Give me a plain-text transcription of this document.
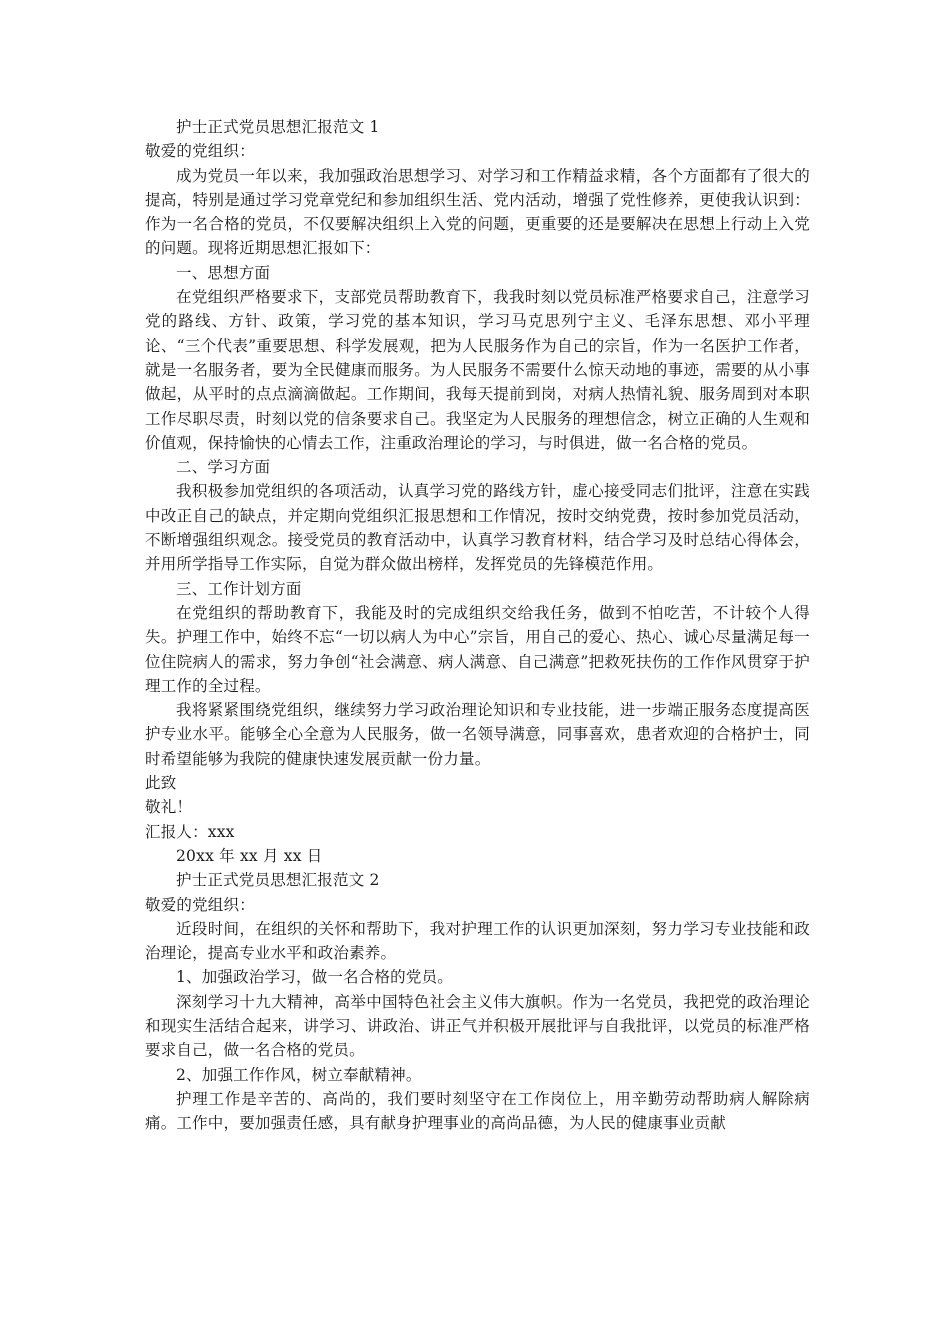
护士正式党员思想汇报范文 1

敬爱的党组织：

成为党员一年以来，我加强政治思想学习、对学习和工作精益求精，各个方面都有了很大的提高，特别是通过学习党章党纪和参加组织生活、党内活动，增强了党性修养，更使我认识到：作为一名合格的党员，不仅要解决组织上入党的问题，更重要的还是要解决在思想上行动上入党的问题。现将近期思想汇报如下：

一、思想方面

在党组织严格要求下，支部党员帮助教育下，我我时刻以党员标准严格要求自己，注意学习党的路线、方针、政策，学习党的基本知识，学习马克思列宁主义、毛泽东思想、邓小平理论、“三个代表”重要思想、科学发展观，把为人民服务作为自己的宗旨，作为一名医护工作者，就是一名服务者，要为全民健康而服务。为人民服务不需要什么惊天动地的事迹，需要的从小事做起，从平时的点点滴滴做起。工作期间，我每天提前到岗，对病人热情礼貌、服务周到对本职工作尽职尽责，时刻以党的信条要求自己。我坚定为人民服务的理想信念，树立正确的人生观和价值观，保持愉快的心情去工作，注重政治理论的学习，与时俱进，做一名合格的党员。

二、学习方面

我积极参加党组织的各项活动，认真学习党的路线方针，虚心接受同志们批评，注意在实践中改正自己的缺点，并定期向党组织汇报思想和工作情况，按时交纳党费，按时参加党员活动，不断增强组织观念。接受党员的教育活动中，认真学习教育材料，结合学习及时总结心得体会，并用所学指导工作实际，自觉为群众做出榜样，发挥党员的先锋模范作用。

三、工作计划方面

在党组织的帮助教育下，我能及时的完成组织交给我任务，做到不怕吃苦，不计较个人得失。护理工作中，始终不忘“一切以病人为中心”宗旨，用自己的爱心、热心、诚心尽量满足每一位住院病人的需求，努力争创“社会满意、病人满意、自己满意”把救死扶伤的工作作风贯穿于护理工作的全过程。

我将紧紧围绕党组织，继续努力学习政治理论知识和专业技能，进一步端正服务态度提高医护专业水平。能够全心全意为人民服务，做一名领导满意，同事喜欢，患者欢迎的合格护士，同时希望能够为我院的健康快速发展贡献一份力量。

此致

敬礼！

汇报人：xxx

20xx 年 xx 月 xx 日

护士正式党员思想汇报范文 2

敬爱的党组织：

近段时间，在组织的关怀和帮助下，我对护理工作的认识更加深刻，努力学习专业技能和政治理论，提高专业水平和政治素养。

1、加强政治学习，做一名合格的党员。

深刻学习十九大精神，高举中国特色社会主义伟大旗帜。作为一名党员，我把党的政治理论和现实生活结合起来，讲学习、讲政治、讲正气并积极开展批评与自我批评，以党员的标准严格要求自己，做一名合格的党员。

2、加强工作作风，树立奉献精神。

护理工作是辛苦的、高尚的，我们要时刻坚守在工作岗位上，用辛勤劳动帮助病人解除病痛。工作中，要加强责任感，具有献身护理事业的高尚品德，为人民的健康事业贡献
